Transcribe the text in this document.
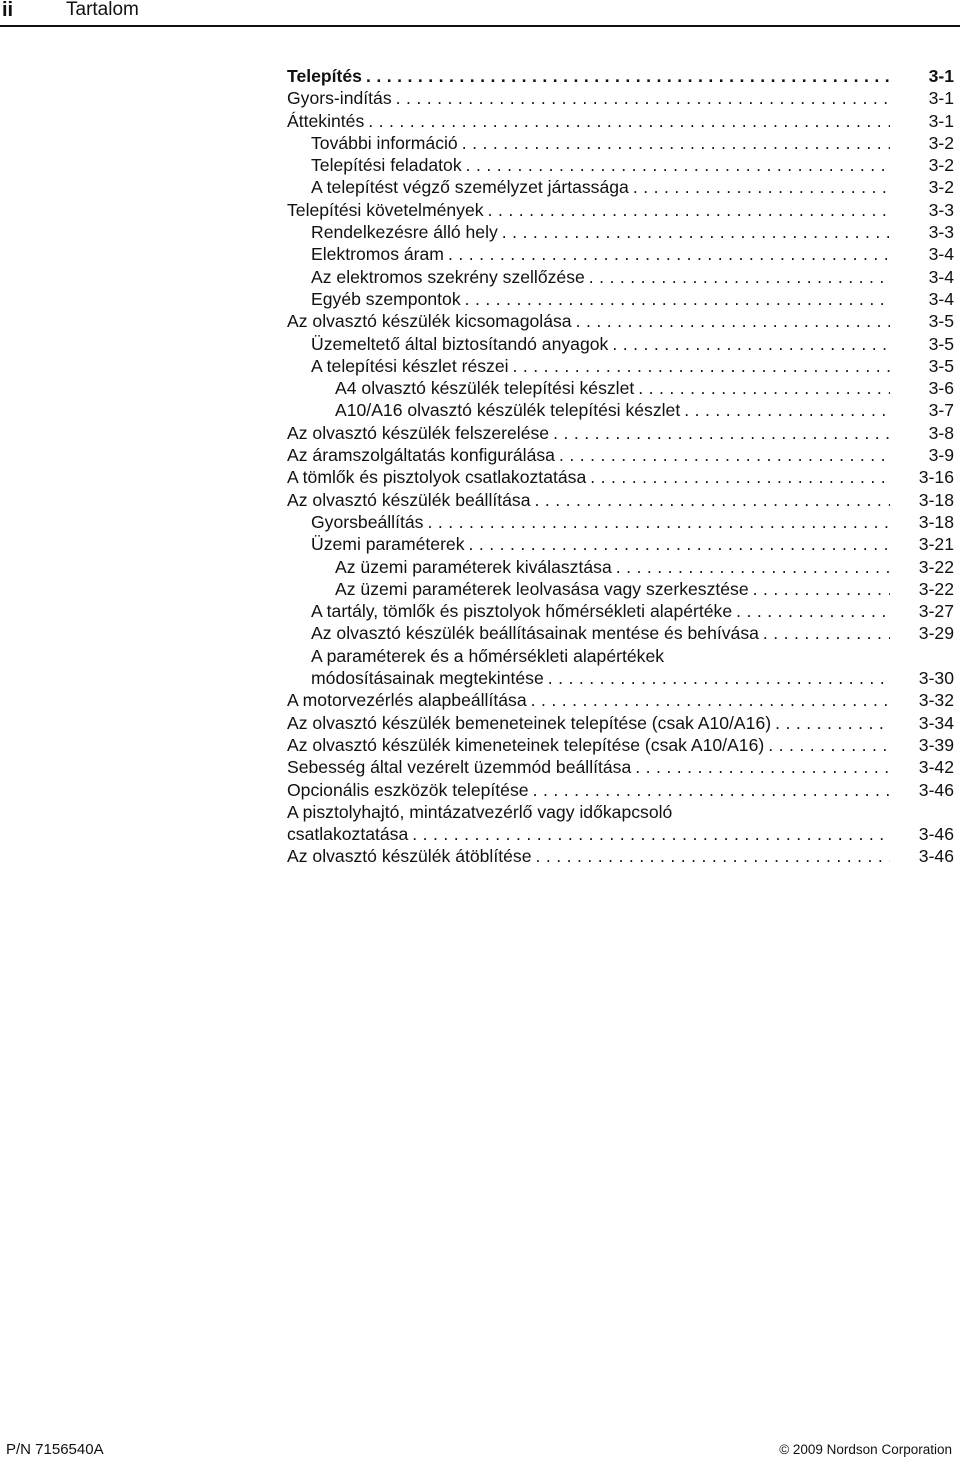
ii	Tartalom
Telepítés . . .	3-1
Gyors-indítás . . .	3-1
Áttekintés . . .	3-1
További információ . . .	3-2
Telepítési feladatok . . .	3-2
A telepítést végző személyzet jártassága . . .	3-2
Telepítési követelmények . . .	3-3
Rendelkezésre álló hely . . .	3-3
Elektromos áram . . .	3-4
Az elektromos szekrény szellőzése . . .	3-4
Egyéb szempontok . . .	3-4
Az olvasztó készülék kicsomagolása . . .	3-5
Üzemeltető által biztosítandó anyagok . . .	3-5
A telepítési készlet részei . . .	3-5
A4 olvasztó készülék telepítési készlet . . .	3-6
A10/A16 olvasztó készülék telepítési készlet . . .	3-7
Az olvasztó készülék felszerelése . . .	3-8
Az áramszolgáltatás konfigurálása . . .	3-9
A tömlők és pisztolyok csatlakoztatása . . .	3-16
Az olvasztó készülék beállítása . . .	3-18
Gyorsbeállítás . . .	3-18
Üzemi paraméterek . . .	3-21
Az üzemi paraméterek kiválasztása . . .	3-22
Az üzemi paraméterek leolvasása vagy szerkesztése . . .	3-22
A tartály, tömlők és pisztolyok hőmérsékleti alapértéke . . .	3-27
Az olvasztó készülék beállításainak mentése és behívása . . .	3-29
A paraméterek és a hőmérsékleti alapértékek
módosításainak megtekintése . . .	3-30
A motorvezérlés alapbeállítása . . .	3-32
Az olvasztó készülék bemeneteinek telepítése (csak A10/A16) . . .	3-34
Az olvasztó készülék kimeneteinek telepítése (csak A10/A16) . . .	3-39
Sebesség által vezérelt üzemmód beállítása . . .	3-42
Opcionális eszközök telepítése . . .	3-46
A pisztolyhajtó, mintázatvezérlő vagy időkapcsoló
csatlakoztatása . . .	3-46
Az olvasztó készülék átöblítése . . .	3-46
P/N 7156540A	© 2009 Nordson Corporation
